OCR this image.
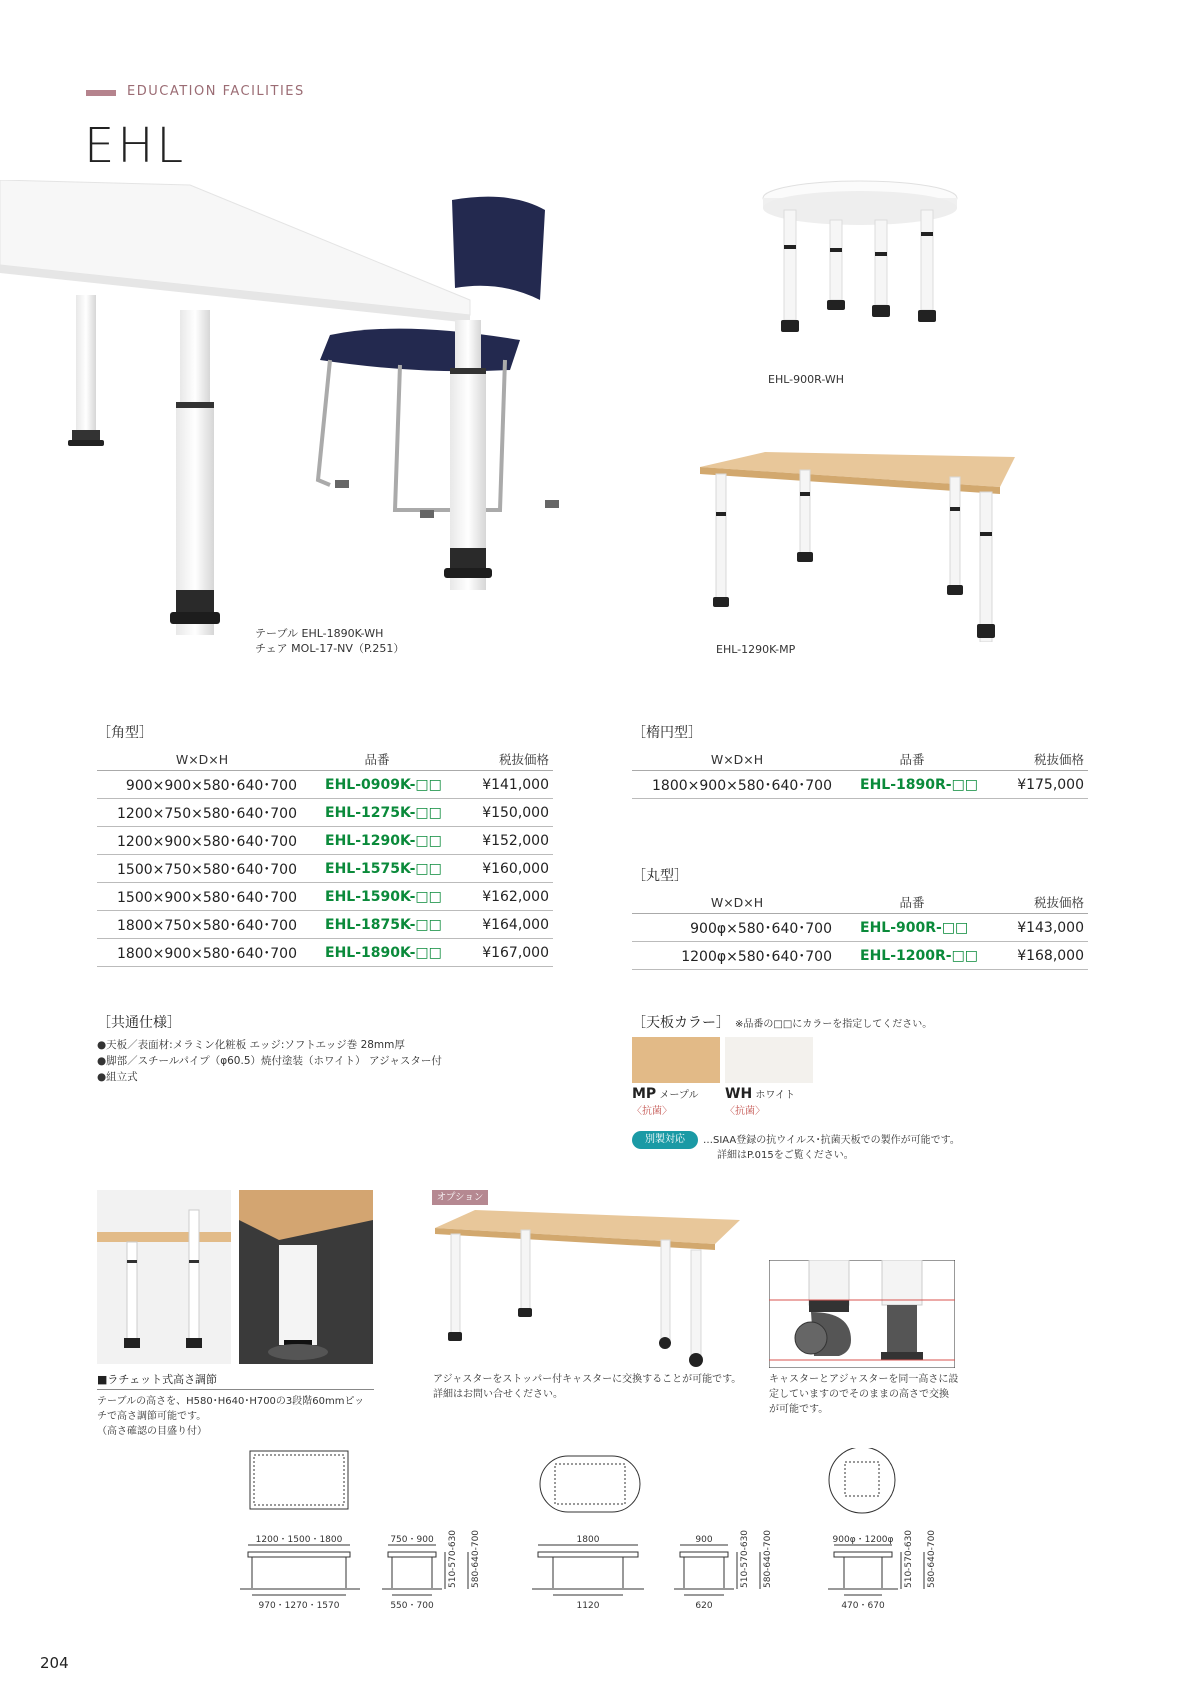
EDUCATION FACILITIES
EHL
テーブル EHL-1890K-WH
チェア MOL-17-NV（P.251）
EHL-900R-WH
EHL-1290K-MP
［角型］
W×D×H	品番	税抜価格
900×900×580･640･700	EHL-0909K-□□	¥141,000
1200×750×580･640･700	EHL-1275K-□□	¥150,000
1200×900×580･640･700	EHL-1290K-□□	¥152,000
1500×750×580･640･700	EHL-1575K-□□	¥160,000
1500×900×580･640･700	EHL-1590K-□□	¥162,000
1800×750×580･640･700	EHL-1875K-□□	¥164,000
1800×900×580･640･700	EHL-1890K-□□	¥167,000
［楕円型］
W×D×H	品番	税抜価格
1800×900×580･640･700	EHL-1890R-□□	¥175,000
［丸型］
W×D×H	品番	税抜価格
900φ×580･640･700	EHL-900R-□□	¥143,000
1200φ×580･640･700	EHL-1200R-□□	¥168,000
［共通仕様］
●天板／表面材:メラミン化粧板 エッジ:ソフトエッジ巻 28mm厚
●脚部／スチールパイプ（φ60.5）焼付塗装（ホワイト） アジャスター付
●組立式
［天板カラー］ ※品番の□□にカラーを指定してください。
MP メープル
〈抗菌〉
WH ホワイト
〈抗菌〉
別製対応	…SIAA登録の抗ウイルス･抗菌天板での製作が可能です。
詳細はP.015をご覧ください。
オプション
■ラチェット式高さ調節
テーブルの高さを、H580･H640･H700の3段階60mmピッ
チで高さ調節可能です。
（高さ確認の目盛り付）
アジャスターをストッパー付キャスターに交換することが可能です。
詳細はお問い合せください。
キャスターとアジャスターを同一高さに設
定していますのでそのままの高さで交換
が可能です。
1200・1500・1800
970・1270・1570
750・900
550・700
1800
1120
900
620
900φ・1200φ
470・670
510-570-630 580-640-700	510-570-630 580-640-700	510-570-630 580-640-700
204
